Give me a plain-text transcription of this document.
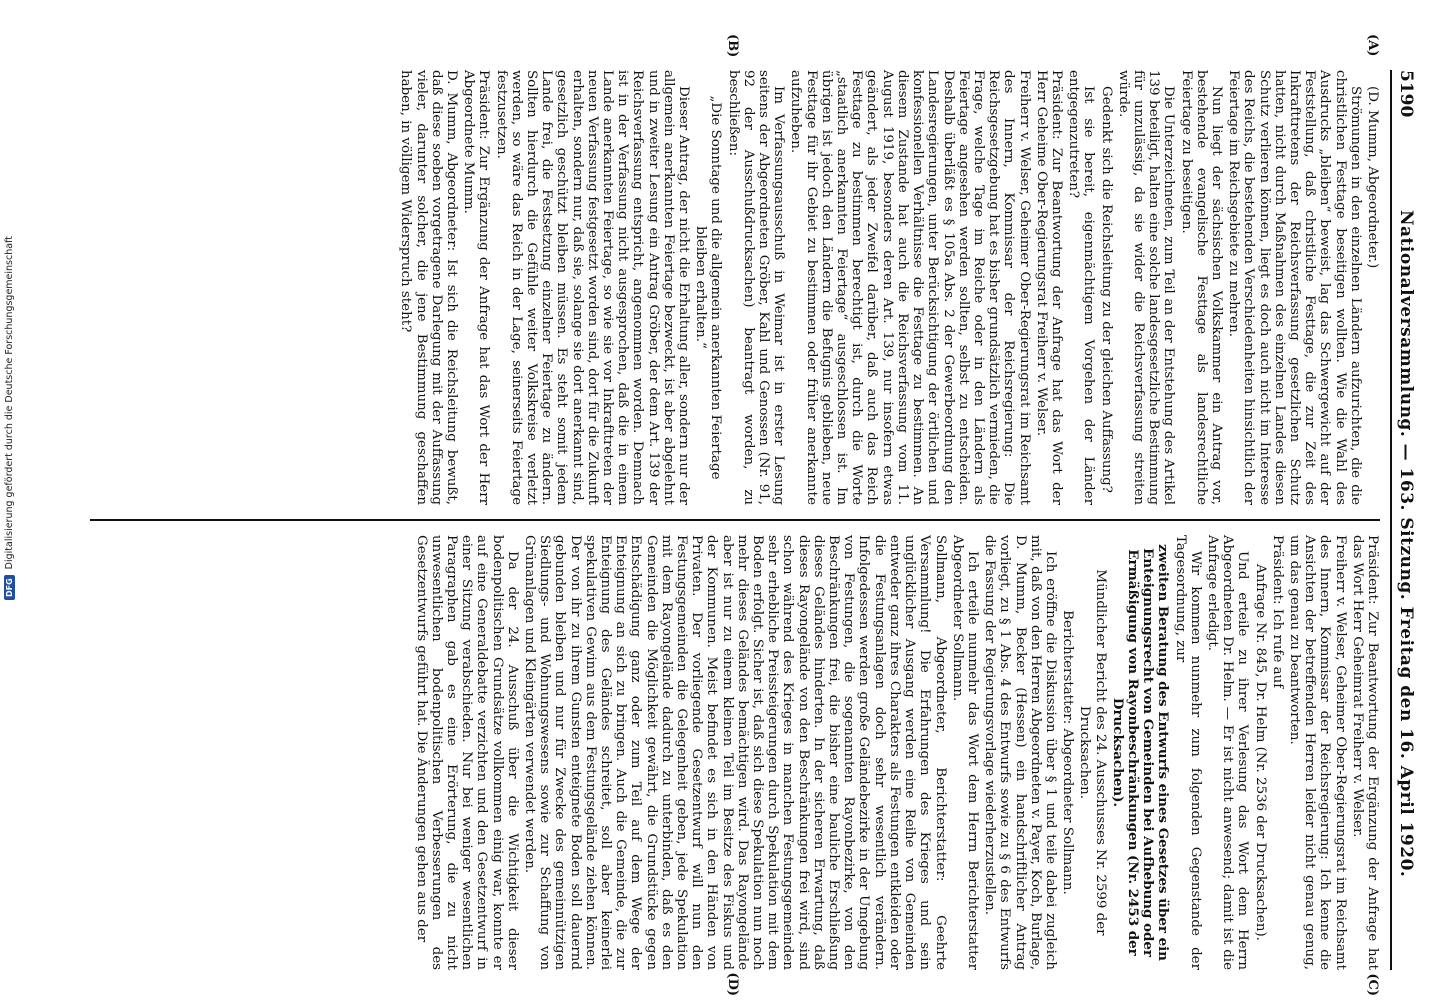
5190
Nationalversammlung. — 163. Sitzung. Freitag den 16. April 1920.
(A)
(B)

(D. Mumm, Abgeordneter.)

Strömungen in den einzelnen Ländern aufzurichten, die die christlichen Festtage beseitigen wollten. Wie die Wahl des Ausdrucks „bleiben“ beweist, lag das Schwergewicht auf der Feststellung, daß christliche Festtage, die zur Zeit des Inkrafttretens der Reichsverfassung gesetzlichen Schutz hatten, nicht durch Maßnahmen des einzelnen Landes diesen Schutz verlieren können, liegt es doch auch nicht im Interesse des Reichs, die bestehenden Verschiedenheiten hinsichtlich der Feiertage im Reichsgebiete zu mehren.

Nun liegt der sächsischen Volkskammer ein Antrag vor, bestehende evangelische Festtage als landesrechtliche Feiertage zu beseitigen.

Die Unterzeichneten, zum Teil an der Entstehung des Artikel 139 beteiligt, halten eine solche landesgesetzliche Bestimmung für unzulässig, da sie wider die Reichsverfassung streiten würde.

Gedenkt sich die Reichsleitung zu der gleichen Auffassung?

Ist sie bereit, eigenmächtigem Vorgehen der Länder entgegenzutreten?

Präsident: Zur Beantwortung der Anfrage hat das Wort der Herr Geheime Ober-Regierungsrat Freiherr v. Welser.

Freiherr v. Welser, Geheimer Ober-Regierungsrat im Reichsamt des Innern, Kommissar der Reichsregierung: Die Reichsgesetzgebung hat es bisher grundsätzlich vermieden, die Frage, welche Tage im Reiche oder in den Ländern als Feiertage angesehen werden sollten, selbst zu entscheiden. Deshalb überläßt es § 105a Abs. 2 der Gewerbeordnung den Landesregierungen, unter Berücksichtigung der örtlichen und konfessionellen Verhältnisse die Festtage zu bestimmen. An diesem Zustande hat auch die Reichsverfassung vom 11. August 1919, besonders deren Art. 139, nur insofern etwas geändert, als jeder Zweifel darüber, daß auch das Reich Festtage zu bestimmen berechtigt ist, durch die Worte „staatlich anerkannten Feiertage“ ausgeschlossen ist. Im übrigen ist jedoch den Ländern die Befugnis geblieben, neue Festtage für ihr Gebiet zu bestimmen oder früher anerkannte aufzuheben.

Im Verfassungsausschuß in Weimar ist in erster Lesung seitens der Abgeordneten Gröber, Kahl und Genossen (Nr. 91, 92 der Ausschußdrucksachen) beantragt worden, zu beschließen:

„Die Sonntage und die allgemein anerkannten Feiertage bleiben erhalten.“

Dieser Antrag, der nicht die Erhaltung aller, sondern nur der allgemein anerkannten Feiertage bezweckt, ist aber abgelehnt und in zweiter Lesung ein Antrag Gröber, der dem Art. 139 der Reichsverfassung entspricht, angenommen worden. Demnach ist in der Verfassung nicht ausgesprochen, daß die in einem Lande anerkannten Feiertage, so wie sie vor Inkrafttreten der neuen Verfassung festgesetzt worden sind, dort für die Zukunft erhalten, sondern nur, daß sie, solange sie dort anerkannt sind, gesetzlich geschützt bleiben müssen. Es steht somit jedem Lande frei, die Festsetzung einzelner Feiertage zu ändern. Sollten hierdurch die Gefühle weiter Volkskreise verletzt werden, so wäre das Reich in der Lage, seinerseits Feiertage festzusetzen.

Präsident: Zur Ergänzung der Anfrage hat das Wort der Herr Abgeordnete Mumm.

D. Mumm, Abgeordneter: Ist sich die Reichsleitung bewußt, daß diese soeben vorgetragene Darlegung mit der Auffassung vieler, darunter solcher, die jene Bestimmung geschaffen haben, in völligem Widerspruch steht?

(C)
(D)

Präsident: Zur Beantwortung der Ergänzung der Anfrage hat das Wort Herr Geheimrat Freiherr v. Welser.

Freiherr v. Welser, Geheimer Ober-Regierungsrat im Reichsamt des Innern, Kommissar der Reichsregierung: Ich kenne die Ansichten der betreffenden Herren leider nicht genau genug, um das genau zu beantworten.

Präsident: Ich rufe auf

Anfrage Nr. 845, Dr. Helm (Nr. 2536 der Drucksachen).

Und erteile zu ihrer Verlesung das Wort dem Herrn Abgeordneten Dr. Helm. — Er ist nicht anwesend; damit ist die Anfrage erledigt.

Wir kommen nunmehr zum folgenden Gegenstande der Tagesordnung, zur

zweiten Beratung des Entwurfs eines Gesetzes über ein Enteignungsrecht von Gemeinden bei Aufhebung oder Ermäßigung von Rayonbeschränkungen (Nr. 2453 der Drucksachen).

Mündlicher Bericht des 24. Ausschusses Nr. 2599 der Drucksachen.

Berichterstatter: Abgeordneter Sollmann.

Ich eröffne die Diskussion über § 1 und teile dabei zugleich mit, daß von den Herren Abgeordneten v. Payer, Koch, Burlage, D. Mumm, Becker (Hessen) ein handschriftlicher Antrag vorliegt, zu § 1 Abs. 4 des Entwurfs sowie zu § 6 des Entwurfs die Fassung der Regierungsvorlage wiederherzustellen.

Ich erteile nunmehr das Wort dem Herrn Berichterstatter Abgeordneter Sollmann.

Sollmann, Abgeordneter, Berichterstatter: Geehrte Versammlung! Die Erfahrungen des Krieges und sein unglücklicher Ausgang werden eine Reihe von Gemeinden entweder ganz ihres Charakters als Festungen entkleiden oder die Festungsanlagen doch sehr wesentlich verändern. Infolgedessen werden große Geländebezirke in der Umgebung von Festungen, die sogenannten Rayonbezirke, von den Beschränkungen frei, die bisher eine bauliche Erschließung dieses Geländes hinderten. In der sicheren Erwartung, daß dieses Rayongelände von den Beschränkungen frei wird, sind schon während des Krieges in manchen Festungsgemeinden sehr erhebliche Preissteigerungen durch Spekulation mit dem Boden erfolgt. Sicher ist, daß sich diese Spekulation nun noch mehr dieses Geländes bemächtigen wird. Das Rayongelände aber ist nur zu einem kleinen Teil im Besitze des Fiskus und der Kommunen. Meist befindet es sich in den Händen von Privaten. Der vorliegende Gesetzentwurf will nun den Festungsgemeinden die Gelegenheit geben, jede Spekulation mit dem Rayongelände dadurch zu unterbinden, daß es den Gemeinden die Möglichkeit gewährt, die Grundstücke gegen Entschädigung ganz oder zum Teil auf dem Wege der Enteignung an sich zu bringen. Auch die Gemeinde, die zur Enteignung des Geländes schreitet, soll aber keinerlei spekulativen Gewinn aus dem Festungsgelände ziehen können. Der von ihr zu ihrem Gunsten enteignete Boden soll dauernd gebunden bleiben und nur für Zwecke des gemeinnützigen Siedlungs- und Wohnungswesens sowie zur Schaffung von Grünanlagen und Kleingärten verwendet werden.

Da der 24. Ausschuß über die Wichtigkeit dieser bodenpolitischen Grundsätze vollkommen einig war, konnte er auf eine Generaldebatte verzichten und den Gesetzentwurf in einer Sitzung verabschieden. Nur bei weniger wesentlichen Paragraphen gab es eine Erörterung, die zu nicht unwesentlichen bodenpolitischen Verbesserungen des Gesetzentwurfs geführt hat. Die Änderungen gehen aus der

DFG
Digitalisierung gefördert durch die Deutsche Forschungsgemeinschaft
